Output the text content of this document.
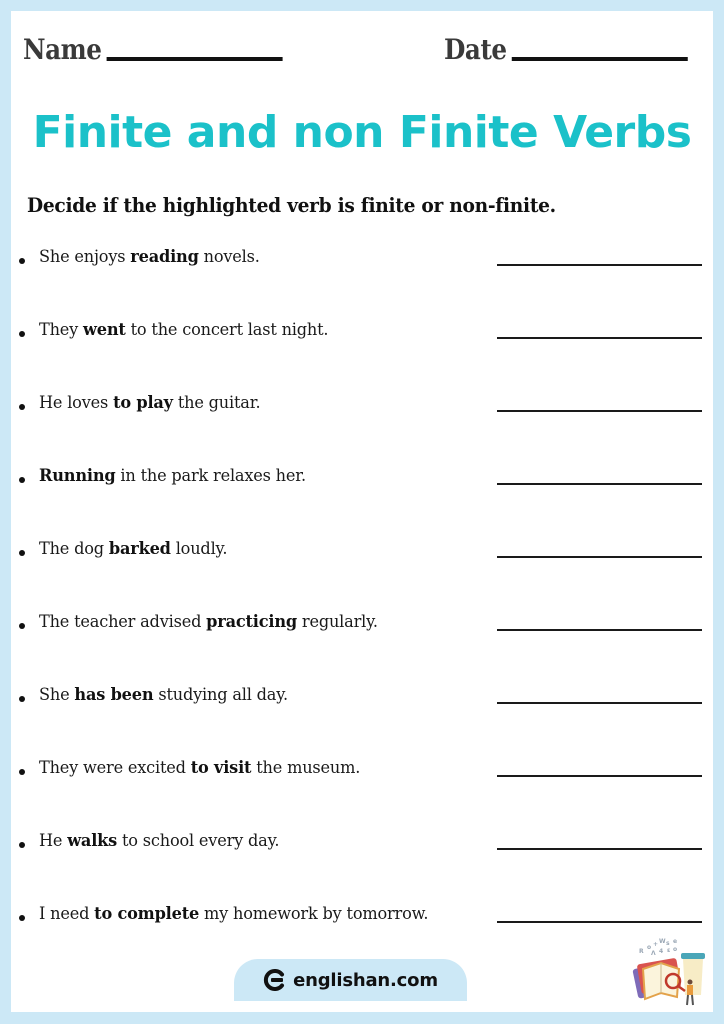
Name	Date
Finite and non Finite Verbs
Decide if the highlighted verb is finite or non-finite.
She enjoys reading novels.
They went to the concert last night.
He loves to play the guitar.
Running in the park relaxes her.
The dog barked loudly.
The teacher advised practicing regularly.
She has been studying all day.
They were excited to visit the museum.
He walks to school every day.
I need to complete my homework by tomorrow.
R
o + W s e
Λ 4 ε o
englishan.com
